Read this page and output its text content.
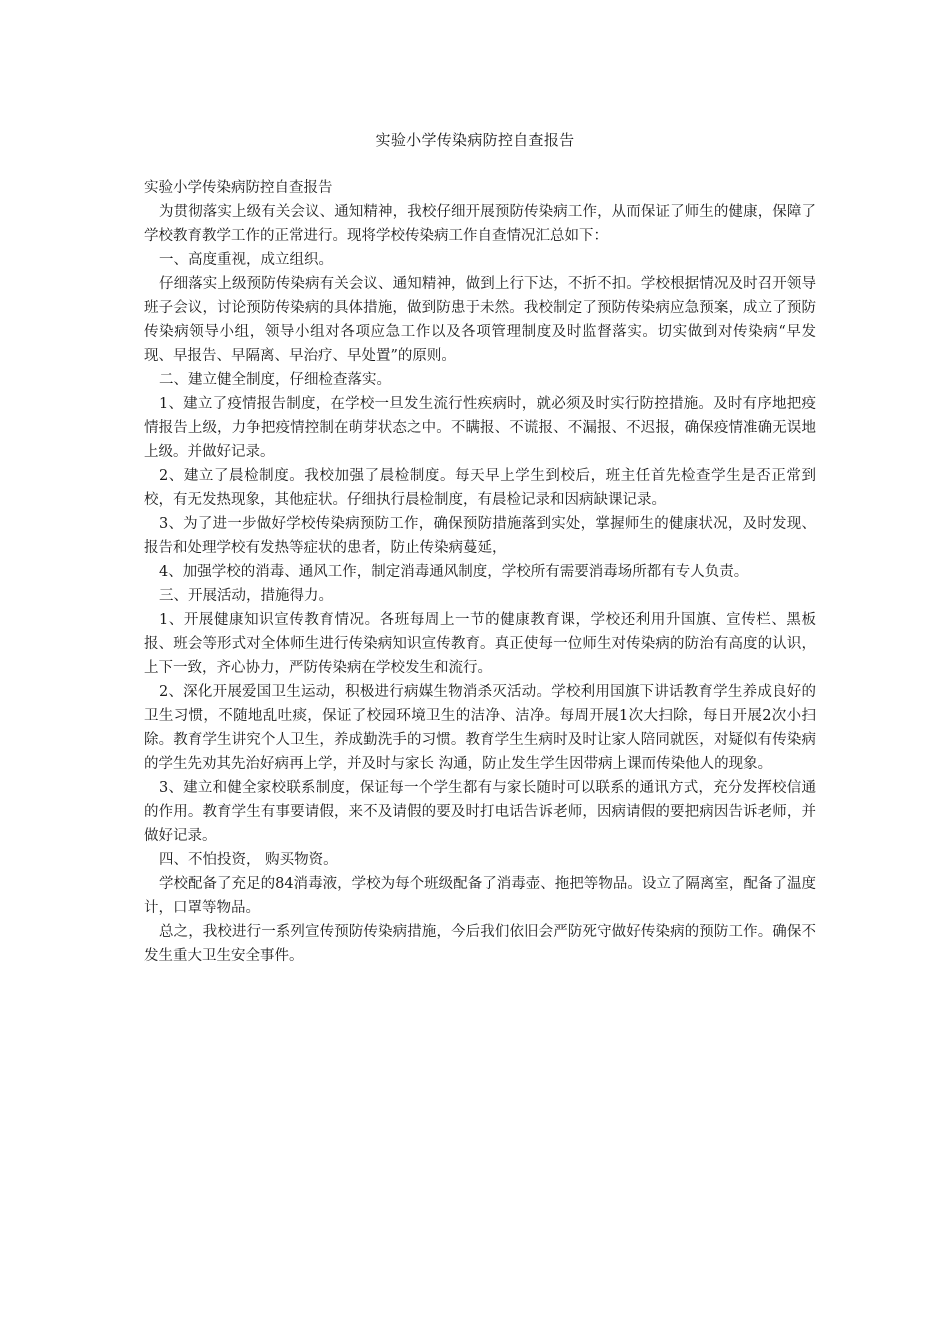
实验小学传染病防控自查报告

实验小学传染病防控自查报告

为贯彻落实上级有关会议、通知精神，我校仔细开展预防传染病工作，从而保证了师生的健康，保障了学校教育教学工作的正常进行。现将学校传染病工作自查情况汇总如下：

一、高度重视，成立组织。

仔细落实上级预防传染病有关会议、通知精神，做到上行下达，不折不扣。学校根据情况及时召开领导班子会议，讨论预防传染病的具体措施，做到防患于未然。我校制定了预防传染病应急预案，成立了预防传染病领导小组，领导小组对各项应急工作以及各项管理制度及时监督落实。切实做到对传染病“早发现、早报告、早隔离、早治疗、早处置”的原则。

二、建立健全制度，仔细检查落实。

1、建立了疫情报告制度，在学校一旦发生流行性疾病时，就必须及时实行防控措施。及时有序地把疫情报告上级，力争把疫情控制在萌芽状态之中。不瞒报、不谎报、不漏报、不迟报，确保疫情准确无误地上级。并做好记录。

2、建立了晨检制度。我校加强了晨检制度。每天早上学生到校后，班主任首先检查学生是否正常到校，有无发热现象，其他症状。仔细执行晨检制度，有晨检记录和因病缺课记录。

3、为了进一步做好学校传染病预防工作，确保预防措施落到实处，掌握师生的健康状况，及时发现、报告和处理学校有发热等症状的患者，防止传染病蔓延，

4、加强学校的消毒、通风工作，制定消毒通风制度，学校所有需要消毒场所都有专人负责。

三、开展活动，措施得力。

1、开展健康知识宣传教育情况。各班每周上一节的健康教育课，学校还利用升国旗、宣传栏、黑板报、班会等形式对全体师生进行传染病知识宣传教育。真正使每一位师生对传染病的防治有高度的认识，上下一致，齐心协力，严防传染病在学校发生和流行。

2、深化开展爱国卫生运动，积极进行病媒生物消杀灭活动。学校利用国旗下讲话教育学生养成良好的卫生习惯，不随地乱吐痰，保证了校园环境卫生的洁净、洁净。每周开展1次大扫除，每日开展2次小扫除。教育学生讲究个人卫生，养成勤洗手的习惯。教育学生生病时及时让家人陪同就医，对疑似有传染病的学生先劝其先治好病再上学，并及时与家长 沟通，防止发生学生因带病上课而传染他人的现象。

3、建立和健全家校联系制度，保证每一个学生都有与家长随时可以联系的通讯方式，充分发挥校信通的作用。教育学生有事要请假，来不及请假的要及时打电话告诉老师，因病请假的要把病因告诉老师，并做好记录。

四、不怕投资， 购买物资。

学校配备了充足的84消毒液，学校为每个班级配备了消毒壶、拖把等物品。设立了隔离室，配备了温度计，口罩等物品。

总之，我校进行一系列宣传预防传染病措施，今后我们依旧会严防死守做好传染病的预防工作。确保不发生重大卫生安全事件。
